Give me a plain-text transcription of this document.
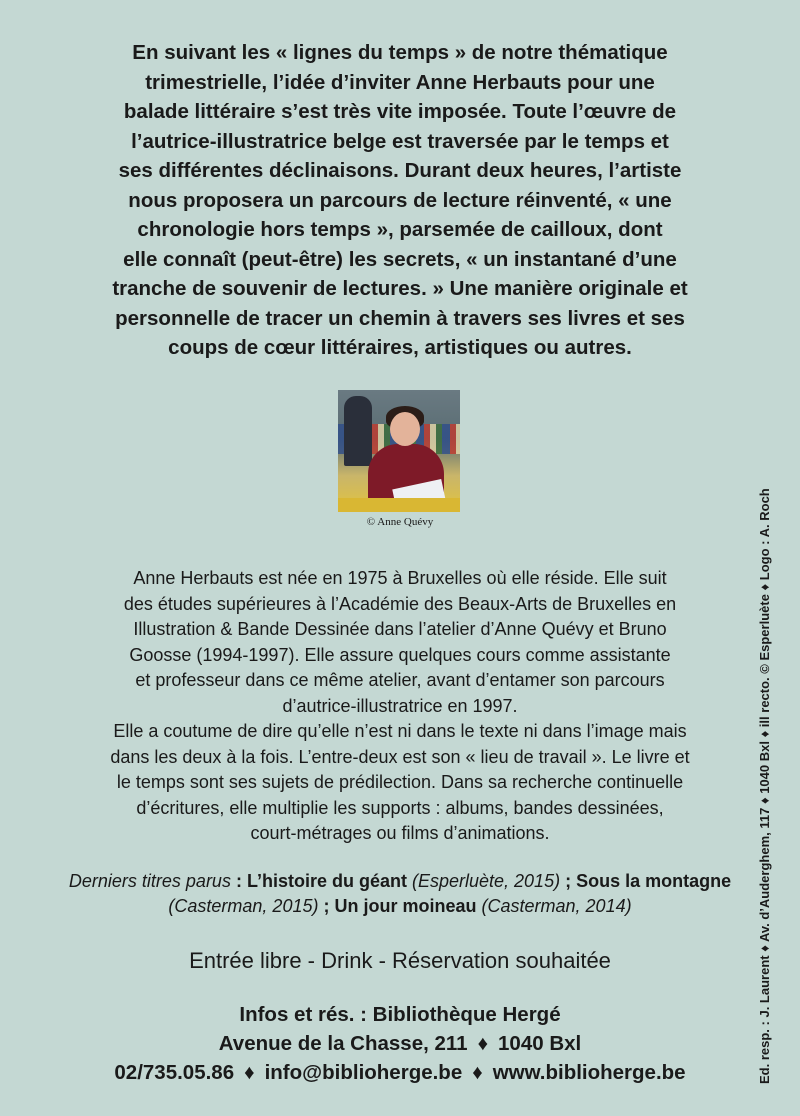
En suivant les « lignes du temps » de notre thématique
trimestrielle, l’idée d’inviter Anne Herbauts pour une
balade littéraire s’est très vite imposée. Toute l’œuvre de
l’autrice-illustratrice belge est traversée par le temps et
ses différentes déclinaisons. Durant deux heures, l’artiste
nous proposera un parcours de lecture réinventé, « une
chronologie hors temps », parsemée de cailloux, dont
elle connaît (peut-être) les secrets, « un instantané d’une
tranche de souvenir de lectures. » Une manière originale et
personnelle de tracer un chemin à travers ses livres et ses
coups de cœur littéraires, artistiques ou autres.
© Anne Quévy
Anne Herbauts est née en 1975 à Bruxelles où elle réside. Elle suit
des études supérieures à l’Académie des Beaux-Arts de Bruxelles en
Illustration & Bande Dessinée dans l’atelier d’Anne Quévy et Bruno
Goosse (1994-1997). Elle assure quelques cours comme assistante
et professeur dans ce même atelier, avant d’entamer son parcours
d’autrice-illustratrice en 1997.
Elle a coutume de dire qu’elle n’est ni dans le texte ni dans l’image mais
dans les deux à la fois. L’entre-deux est son « lieu de travail ». Le livre et
le temps sont ses sujets de prédilection. Dans sa recherche continuelle
d’écritures, elle multiplie les supports : albums, bandes dessinées,
court-métrages ou films d’animations.
Derniers titres parus : L’histoire du géant (Esperluète, 2015) ; Sous la montagne (Casterman, 2015) ; Un jour moineau (Casterman, 2014)
Entrée libre - Drink - Réservation souhaitée
Infos et rés. : Bibliothèque Hergé
Avenue de la Chasse, 211 ♦ 1040 Bxl
02/735.05.86 ♦ info@biblioherge.be ♦ www.biblioherge.be	Ed. resp. : J. Laurent ♦ Av. d’Auderghem, 117 ♦ 1040 Bxl ♦ ill recto. © Esperluète ♦ Logo : A. Roch
